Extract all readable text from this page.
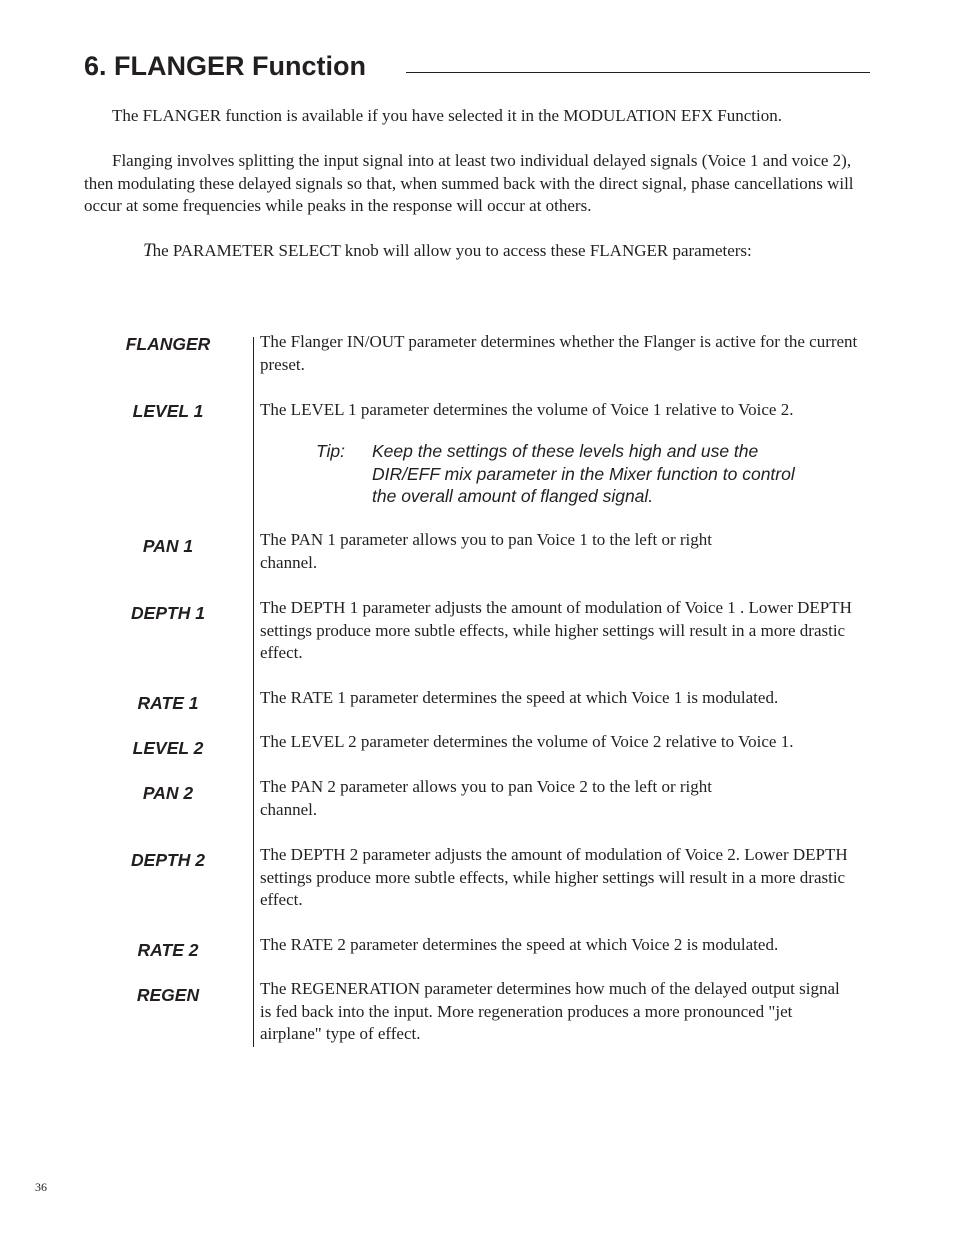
6. FLANGER Function

The FLANGER function is available if you have selected it in the MODULATION EFX Function.

Flanging involves splitting the input signal into at least two individual delayed signals (Voice 1 and voice 2), then modulating these delayed signals so that, when summed back with the direct signal, phase cancellations will occur at some frequencies while peaks in the response will occur at others.

The PARAMETER SELECT knob will allow you to access these FLANGER parameters:

FLANGER	The Flanger IN/OUT parameter determines whether the Flanger is active for the current preset.

LEVEL 1	The LEVEL 1 parameter determines the volume of Voice 1 relative to Voice 2.

Tip: Keep the settings of these levels high and use the DIR/EFF mix parameter in the Mixer function to control the overall amount of flanged signal.
PAN 1	The PAN 1 parameter allows you to pan Voice 1 to the left or right channel.

DEPTH 1	The DEPTH 1 parameter adjusts the amount of modulation of Voice 1 . Lower DEPTH settings produce more subtle effects, while higher settings will result in a more drastic effect.

RATE 1	The RATE 1 parameter determines the speed at which Voice 1 is modulated.

LEVEL 2	The LEVEL 2 parameter determines the volume of Voice 2 relative to Voice 1.

PAN 2	The PAN 2 parameter allows you to pan Voice 2 to the left or right channel.

DEPTH 2	The DEPTH 2 parameter adjusts the amount of modulation of Voice 2. Lower DEPTH settings produce more subtle effects, while higher settings will result in a more drastic effect.

RATE 2	The RATE 2 parameter determines the speed at which Voice 2 is modulated.

REGEN	The REGENERATION parameter determines how much of the delayed output signal is fed back into the input. More regeneration produces a more pronounced "jet airplane" type of effect.

36
